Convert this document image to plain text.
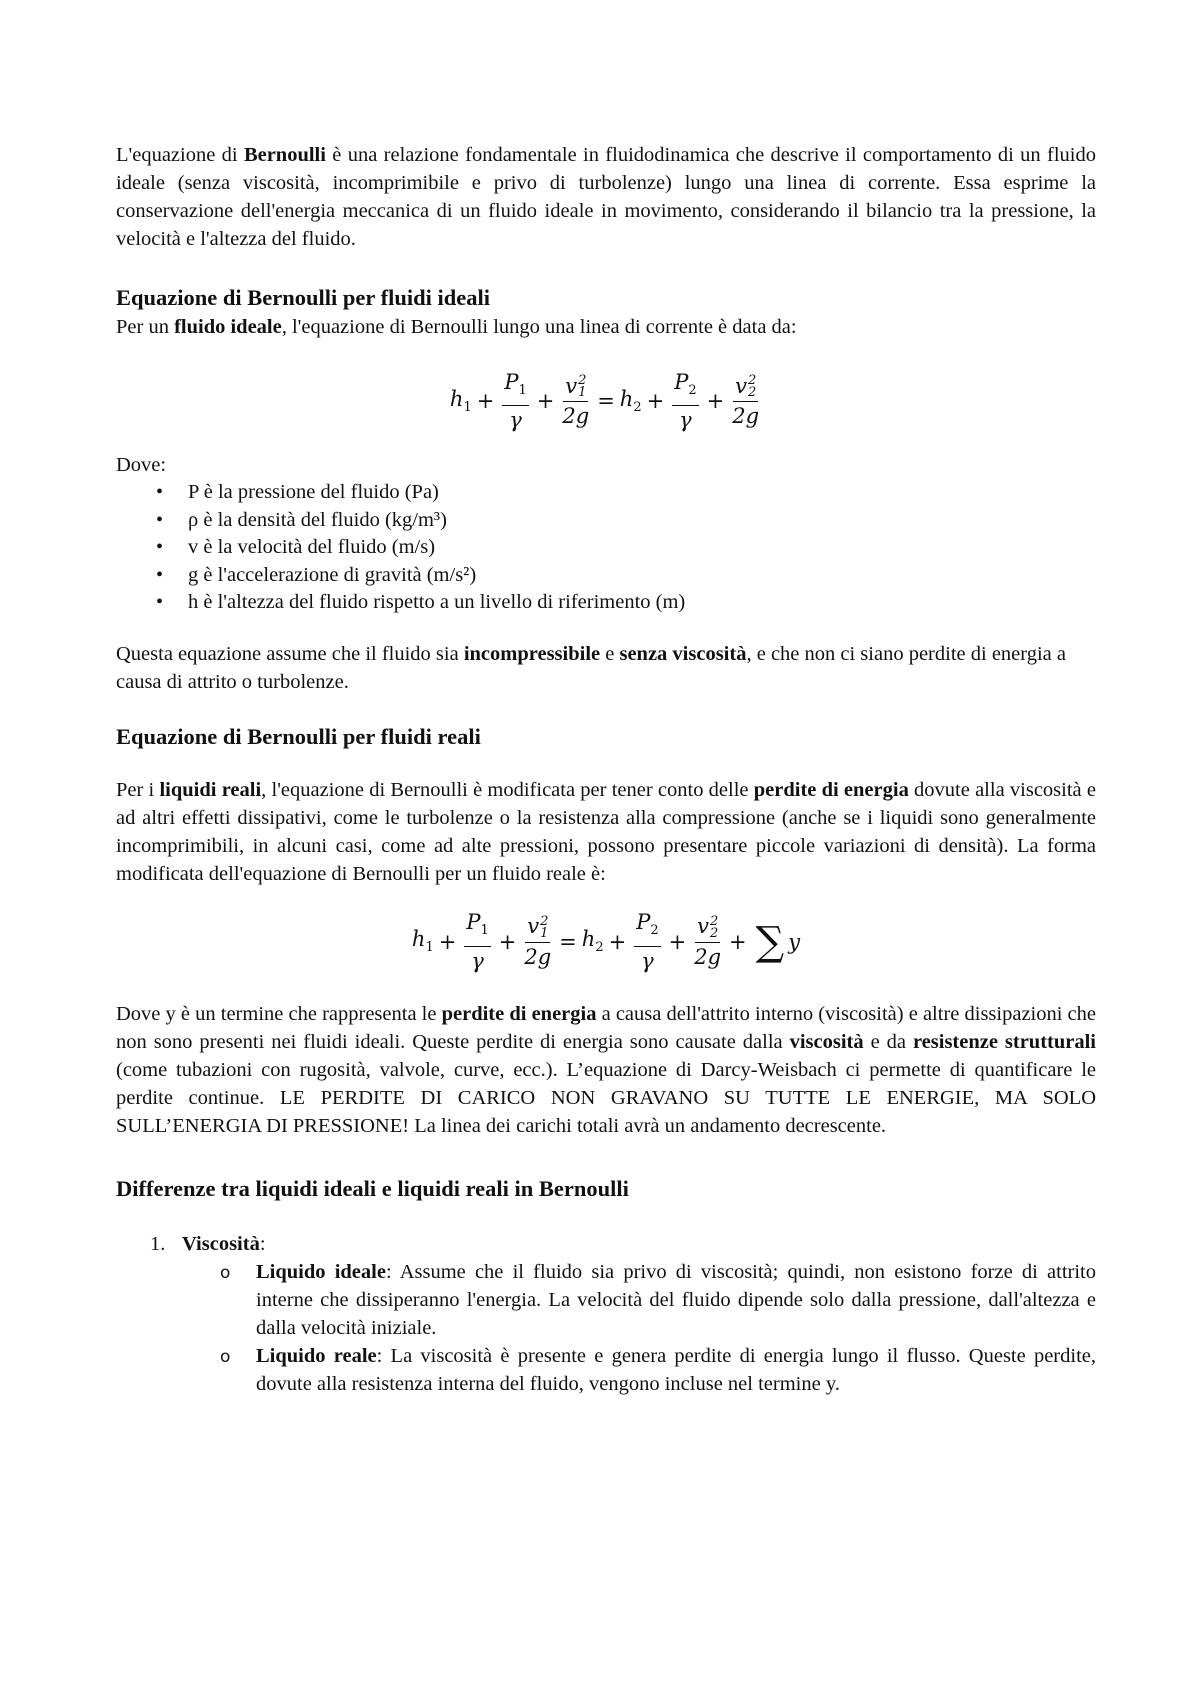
L'equazione di Bernoulli è una relazione fondamentale in fluidodinamica che descrive il comportamento di un fluido ideale (senza viscosità, incomprimibile e privo di turbolenze) lungo una linea di corrente. Essa esprime la conservazione dell'energia meccanica di un fluido ideale in movimento, considerando il bilancio tra la pressione, la velocità e l'altezza del fluido.

Equazione di Bernoulli per fluidi ideali

Per un fluido ideale, l'equazione di Bernoulli lungo una linea di corrente è data da:

$h_1 + \frac{P_1}{\gamma} + v$ 2
1
$2g = h_2 + \frac{P_2}{\gamma} + v$ 2
2
2g

Dove:

• P è la pressione del fluido (Pa)
• ρ è la densità del fluido (kg/m³)
• v è la velocità del fluido (m/s)
• g è l'accelerazione di gravità (m/s²)
• h è l'altezza del fluido rispetto a un livello di riferimento (m)

Questa equazione assume che il fluido sia incompressibile e senza viscosità, e che non ci siano perdite di energia a causa di attrito o turbolenze.

Equazione di Bernoulli per fluidi reali

Per i liquidi reali, l'equazione di Bernoulli è modificata per tener conto delle perdite di energia dovute alla viscosità e ad altri effetti dissipativi, come le turbolenze o la resistenza alla compressione (anche se i liquidi sono generalmente incomprimibili, in alcuni casi, come ad alte pressioni, possono presentare piccole variazioni di densità). La forma modificata dell'equazione di Bernoulli per un fluido reale è:

$h_1 + \frac{P_1}{\gamma} + v$ 2
1
$2g = h_2 + \frac{P_2}{\gamma} + v$ 2
2
2g + ∑ y

Dove y è un termine che rappresenta le perdite di energia a causa dell'attrito interno (viscosità) e altre dissipazioni che non sono presenti nei fluidi ideali. Queste perdite di energia sono causate dalla viscosità e da resistenze strutturali (come tubazioni con rugosità, valvole, curve, ecc.). L’equazione di Darcy-Weisbach ci permette di quantificare le perdite continue. LE PERDITE DI CARICO NON GRAVANO SU TUTTE LE ENERGIE, MA SOLO SULL’ENERGIA DI PRESSIONE! La linea dei carichi totali avrà un andamento decrescente.

Differenze tra liquidi ideali e liquidi reali in Bernoulli
1. Viscosità:
o Liquido ideale: Assume che il fluido sia privo di viscosità; quindi, non esistono forze di attrito interne che dissiperanno l'energia. La velocità del fluido dipende solo dalla pressione, dall'altezza e dalla velocità iniziale.
o Liquido reale: La viscosità è presente e genera perdite di energia lungo il flusso. Queste perdite, dovute alla resistenza interna del fluido, vengono incluse nel termine y.
